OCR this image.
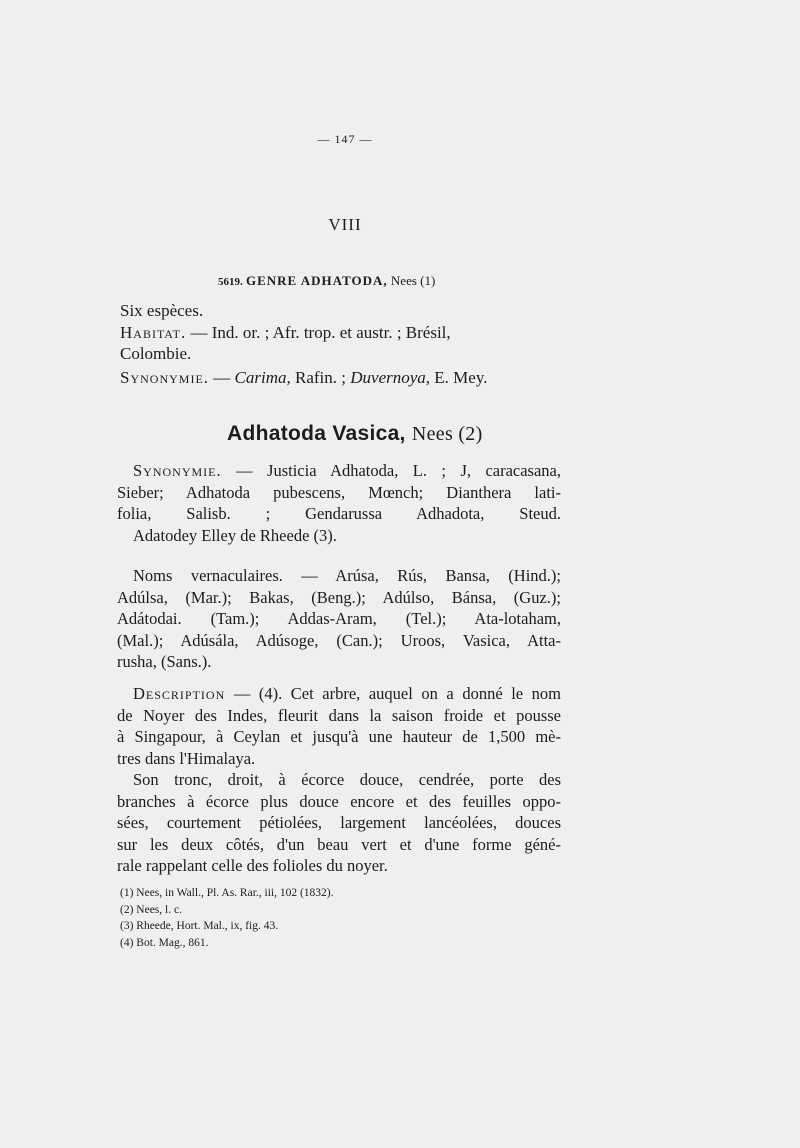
— 147 —
VIII
5619. GENRE ADHATODA, Nees (1)
Six espèces.
Habitat. — Ind. or. ; Afr. trop. et austr. ; Brésil,
Colombie.
Synonymie. — Carima, Rafin. ; Duvernoya, E. Mey.
Adhatoda Vasica, Nees (2)
Synonymie. — Justicia Adhatoda, L. ; J, caracasana,
Sieber; Adhatoda pubescens, Mœnch; Dianthera lati-
folia, Salisb. ; Gendarussa Adhadota, Steud.
Adatodey Elley de Rheede (3).
Noms vernaculaires. — Arúsa, Rús, Bansa, (Hind.);
Adúlsa, (Mar.); Bakas, (Beng.); Adúlso, Bánsa, (Guz.);
Adátodai. (Tam.); Addas-Aram, (Tel.); Ata-lotaham,
(Mal.); Adúsála, Adúsoge, (Can.); Uroos, Vasica, Atta-
rusha, (Sans.).
Description — (4). Cet arbre, auquel on a donné le nom
de Noyer des Indes, fleurit dans la saison froide et pousse
à Singapour, à Ceylan et jusqu'à une hauteur de 1,500 mè-
tres dans l'Himalaya.
Son tronc, droit, à écorce douce, cendrée, porte des
branches à écorce plus douce encore et des feuilles oppo-
sées, courtement pétiolées, largement lancéolées, douces
sur les deux côtés, d'un beau vert et d'une forme géné-
rale rappelant celle des folioles du noyer.
(1) Nees, in Wall., Pl. As. Rar., iii, 102 (1832).
(2) Nees, l. c.
(3) Rheede, Hort. Mal., ix, fig. 43.
(4) Bot. Mag., 861.
